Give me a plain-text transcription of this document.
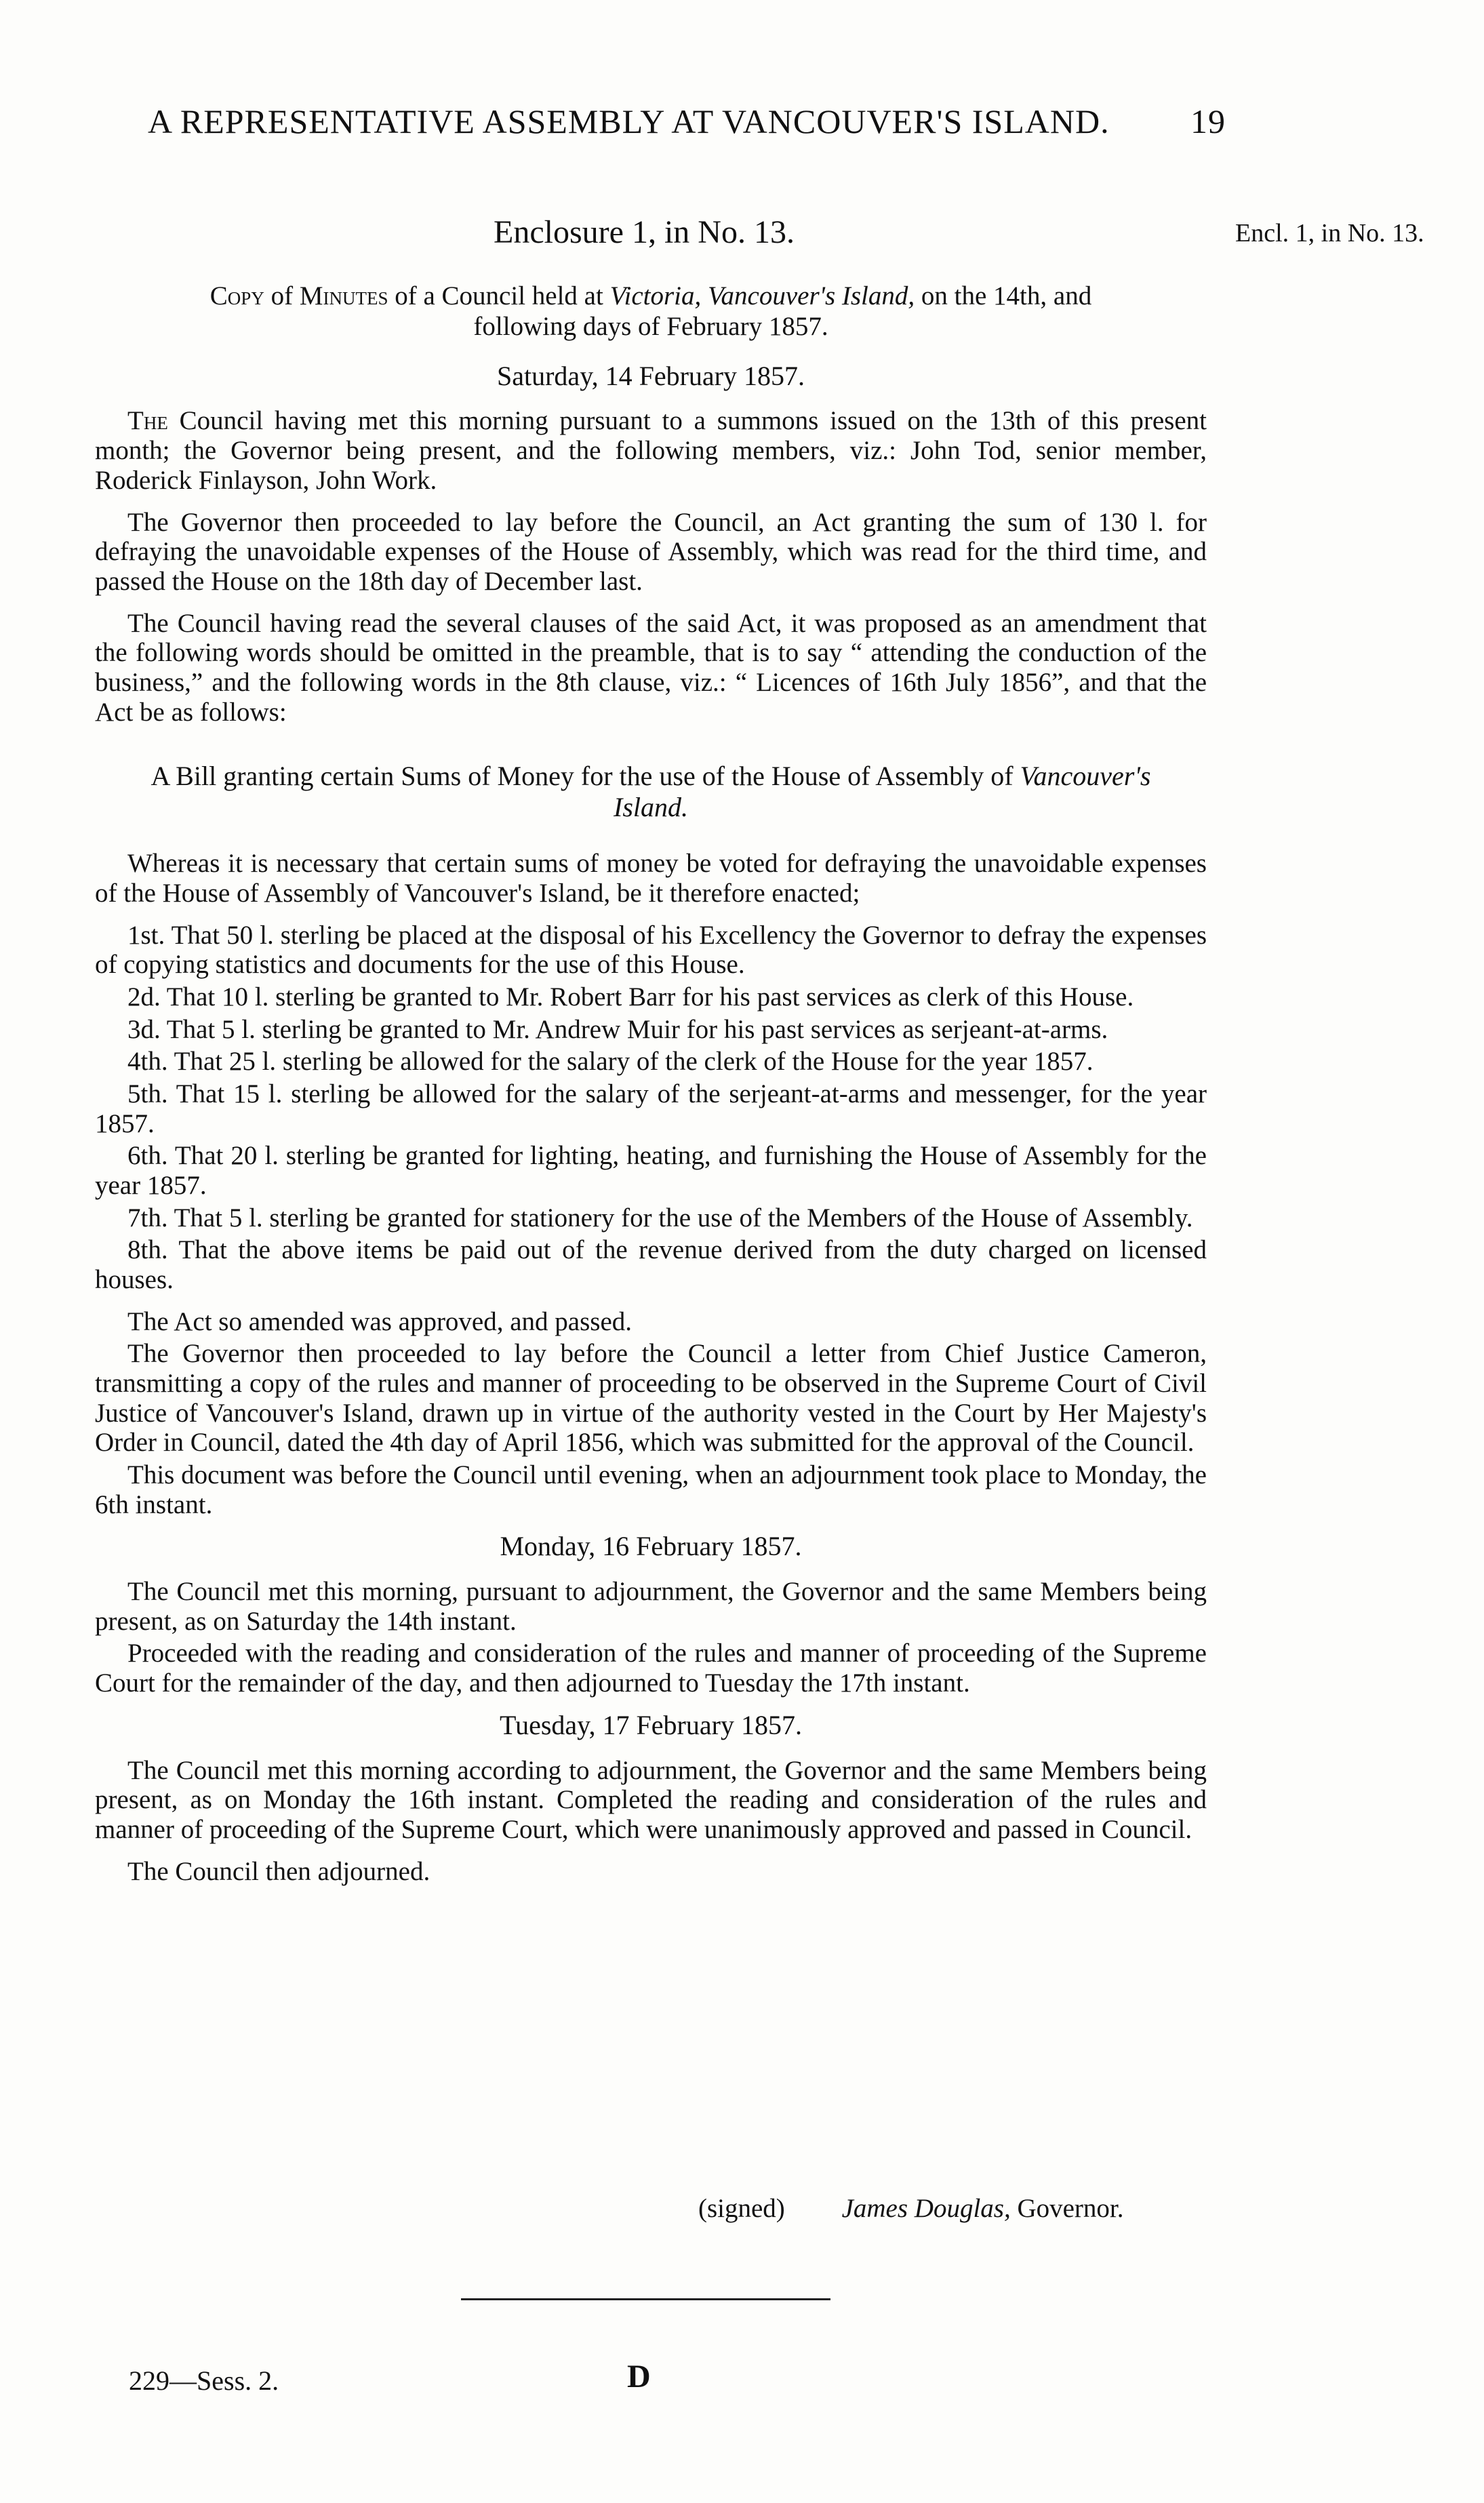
A REPRESENTATIVE ASSEMBLY AT VANCOUVER'S ISLAND. 19
Enclosure 1, in No. 13.	Encl. 1, in No. 13.
Copy of Minutes of a Council held at Victoria, Vancouver's Island, on the 14th, and following days of February 1857.
Saturday, 14 February 1857.

The Council having met this morning pursuant to a summons issued on the 13th of this present month; the Governor being present, and the following members, viz.: John Tod, senior member, Roderick Finlayson, John Work.

The Governor then proceeded to lay before the Council, an Act granting the sum of 130 l. for defraying the unavoidable expenses of the House of Assembly, which was read for the third time, and passed the House on the 18th day of December last.

The Council having read the several clauses of the said Act, it was proposed as an amendment that the following words should be omitted in the preamble, that is to say “ attending the conduction of the business,” and the following words in the 8th clause, viz.: “ Licences of 16th July 1856”, and that the Act be as follows:

A Bill granting certain Sums of Money for the use of the House of Assembly of Vancouver's Island.

Whereas it is necessary that certain sums of money be voted for defraying the unavoidable expenses of the House of Assembly of Vancouver's Island, be it therefore enacted;

1st. That 50 l. sterling be placed at the disposal of his Excellency the Governor to defray the expenses of copying statistics and documents for the use of this House.

2d. That 10 l. sterling be granted to Mr. Robert Barr for his past services as clerk of this House.

3d. That 5 l. sterling be granted to Mr. Andrew Muir for his past services as serjeant-at-arms.

4th. That 25 l. sterling be allowed for the salary of the clerk of the House for the year 1857.

5th. That 15 l. sterling be allowed for the salary of the serjeant-at-arms and messenger, for the year 1857.

6th. That 20 l. sterling be granted for lighting, heating, and furnishing the House of Assembly for the year 1857.

7th. That 5 l. sterling be granted for stationery for the use of the Members of the House of Assembly.

8th. That the above items be paid out of the revenue derived from the duty charged on licensed houses.

The Act so amended was approved, and passed.

The Governor then proceeded to lay before the Council a letter from Chief Justice Cameron, transmitting a copy of the rules and manner of proceeding to be observed in the Supreme Court of Civil Justice of Vancouver's Island, drawn up in virtue of the authority vested in the Court by Her Majesty's Order in Council, dated the 4th day of April 1856, which was submitted for the approval of the Council.

This document was before the Council until evening, when an adjournment took place to Monday, the 6th instant.

Monday, 16 February 1857.

The Council met this morning, pursuant to adjournment, the Governor and the same Members being present, as on Saturday the 14th instant.

Proceeded with the reading and consideration of the rules and manner of proceeding of the Supreme Court for the remainder of the day, and then adjourned to Tuesday the 17th instant.

Tuesday, 17 February 1857.

The Council met this morning according to adjournment, the Governor and the same Members being present, as on Monday the 16th instant. Completed the reading and consideration of the rules and manner of proceeding of the Supreme Court, which were unanimously approved and passed in Council.

The Council then adjourned.

(signed) James Douglas, Governor.
229—Sess. 2.	D
